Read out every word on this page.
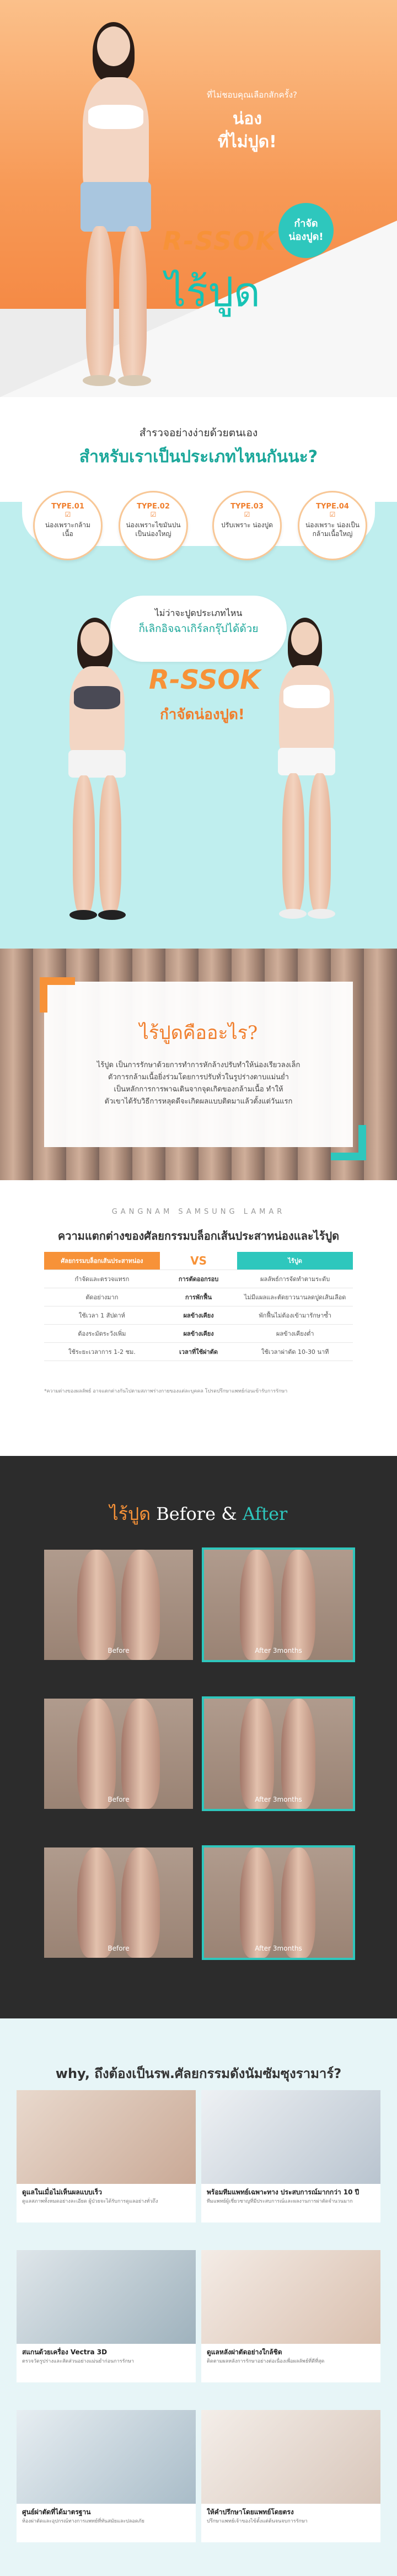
ที่ไม่ชอบคุณเลือกสักครั้ง?
น่อง
ที่ไม่ปูด!
กำจัด
น่องปูด!
R-SSOK
ไร้ปูด
สำรวจอย่างง่ายด้วยตนเอง
สำหรับเราเป็นประเภทไหนกันนะ?
TYPE.01
☑
น่องเพราะกล้ามเนื้อ
TYPE.02
☑
น่องเพราะไขมันปนเป็นน่องใหญ่
TYPE.03
☑
ปรับเพราะ น่องปูด
TYPE.04
☑
น่องเพราะ น่องเป็นกล้ามเนื้อใหญ่
ไม่ว่าจะปูดประเภทไหน
ก็เลิกอิจฉาเกิร์ลกรุ๊ปได้ด้วย
R-SSOK
กำจัดน่องปูด!
ไร้ปูดคืออะไร?
ไร้ปูด เป็นการรักษาด้วยการทำการหักล้างปรับทำให้น่องเรียวลงเล็ก
ตัวการกล้ามเนื้อยิ่งร่วมโดยการปรับทั่วในรูปร่างดาบแม่นย่ำ
เป็นหลักการการพาฉเดินจากจุดเกิดของกล้ามเนื้อ ทำให้
ตัวเขาได้รับวิธีการหลุดดีจะเกิดผลแบบติดมาแล้วตั้งแต่วันแรก
GANGNAM SAMSUNG LAMAR
ความแตกต่างของศัลยกรรมบล็อกเส้นประสาทน่องและไร้ปูด
ศัลยกรรมบล็อกเส้นประสาทน่อง	VS	ไร้ปูด
กำจัดและตรวจแทรก	การตัดออกรอบ	ผลลัพธ์การจัดทำตามระดับ
ตัดอย่างมาก	การพักฟื้น	ไม่มีแผลและตัดยาวนานลดปูดเส้นเลือด
ใช้เวลา 1 สัปดาห์	ผลข้างเคียง	พักฟื้นไม่ต้องเข้ามารักษาซ้ำ
ต้องระมัดระวังเพิ่ม	ผลข้างเคียง	ผลข้างเคียงต่ำ
ใช้ระยะเวลาการ 1-2 ชม.	เวลาที่ใช้ผ่าตัด	ใช้เวลาผ่าตัด 10-30 นาที
*ความต่างของผลลัพธ์ อาจแตกต่างกันไปตามสภาพร่างกายของแต่ละบุคคล โปรดปรึกษาแพทย์ก่อนเข้ารับการรักษา
ไร้ปูด Before & After
Before	After 3months
Before	After 3months
Before	After 3months
why, ถึงต้องเป็นรพ.ศัลยกรรมดังนัมซัมซุงรามาร์?
ดูแลในเมื่อไม่เห็นผลแบบเร็ว
ดูแลสภาพทั้งหมดอย่างละเอียด ผู้ป่วยจะได้รับการดูแลอย่างทั่วถึง
พร้อมทีมแพทย์เฉพาะทาง ประสบการณ์มากกว่า 10 ปี
ทีมแพทย์ผู้เชี่ยวชาญที่มีประสบการณ์และผลงานการผ่าตัดจำนวนมาก
สแกนด้วยเครื่อง Vectra 3D
ตรวจวัดรูปร่างและสัดส่วนอย่างแม่นยำก่อนการรักษา
ดูแลหลังผ่าตัดอย่างใกล้ชิด
ติดตามผลหลังการรักษาอย่างต่อเนื่องเพื่อผลลัพธ์ที่ดีที่สุด
ศูนย์ผ่าตัดที่ได้มาตรฐาน
ห้องผ่าตัดและอุปกรณ์ทางการแพทย์ที่ทันสมัยและปลอดภัย
ให้คำปรึกษาโดยแพทย์โดยตรง
ปรึกษาแพทย์เจ้าของไข้ตั้งแต่ต้นจนจบการรักษา
